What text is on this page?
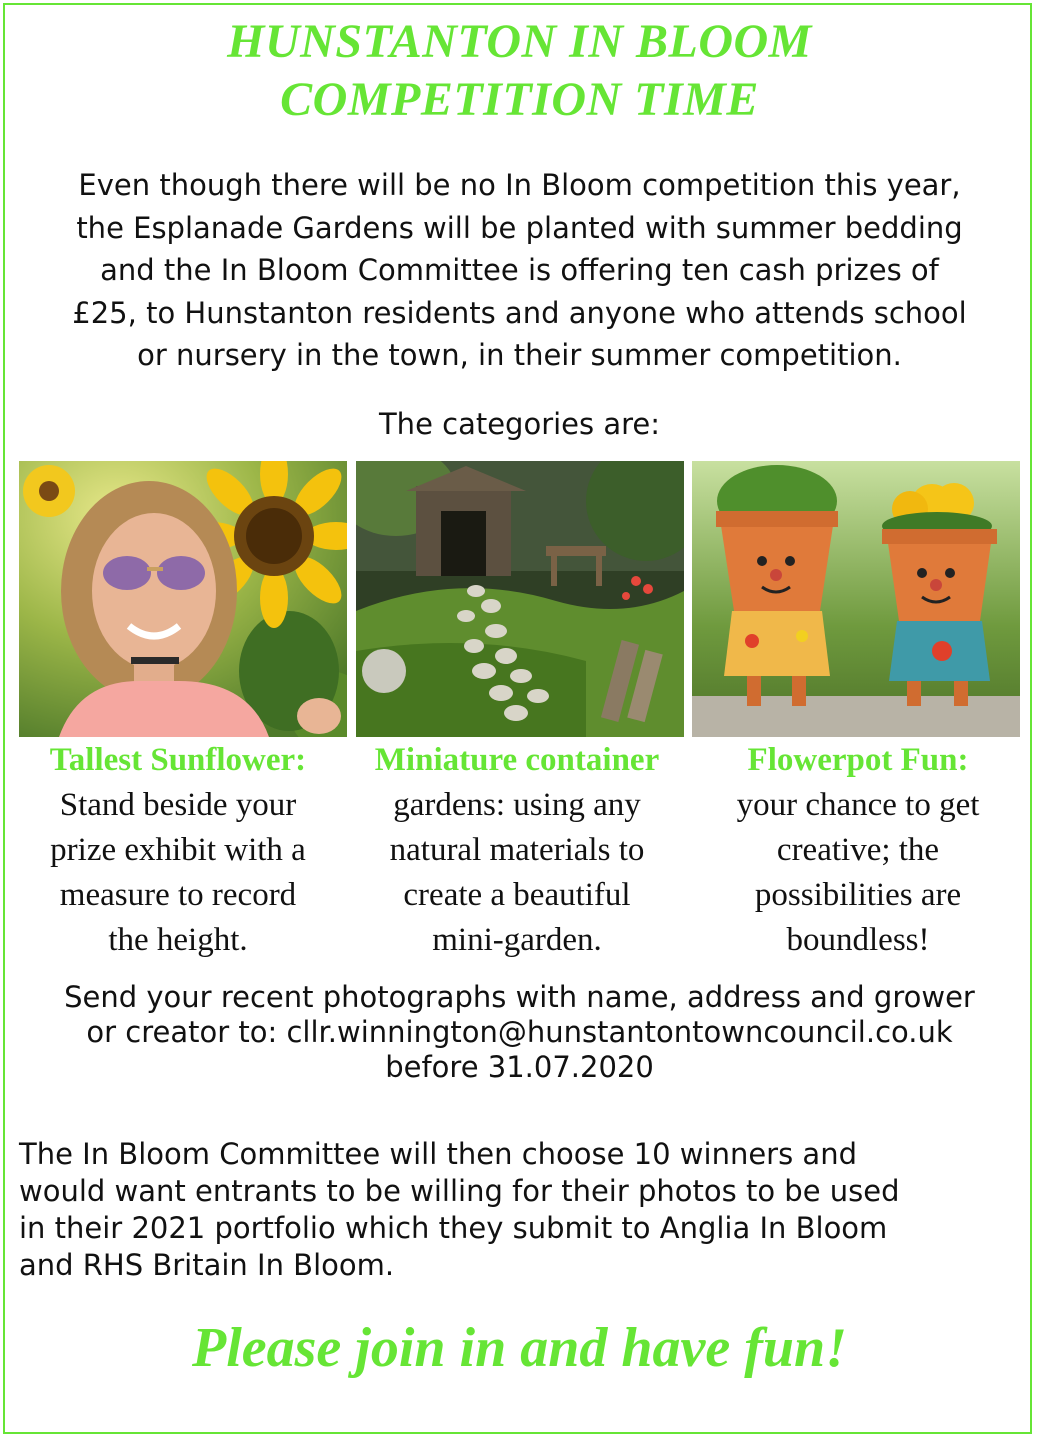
HUNSTANTON IN BLOOM
COMPETITION TIME
Even though there will be no In Bloom competition this year,
the Esplanade Gardens will be planted with summer bedding
and the In Bloom Committee is offering ten cash prizes of
£25, to Hunstanton residents and anyone who attends school
or nursery in the town, in their summer competition.
The categories are:
Tallest Sunflower:
Stand beside your
prize exhibit with a
measure to record
the height.
Miniature container
gardens: using any
natural materials to
create a beautiful
mini-garden.
Flowerpot Fun:
your chance to get
creative; the
possibilities are
boundless!
Send your recent photographs with name, address and grower
or creator to: cllr.winnington@hunstantontowncouncil.co.uk
before 31.07.2020
The In Bloom Committee will then choose 10 winners and
would want entrants to be willing for their photos to be used
in their 2021 portfolio which they submit to Anglia In Bloom
and RHS Britain In Bloom.
Please join in and have fun!
